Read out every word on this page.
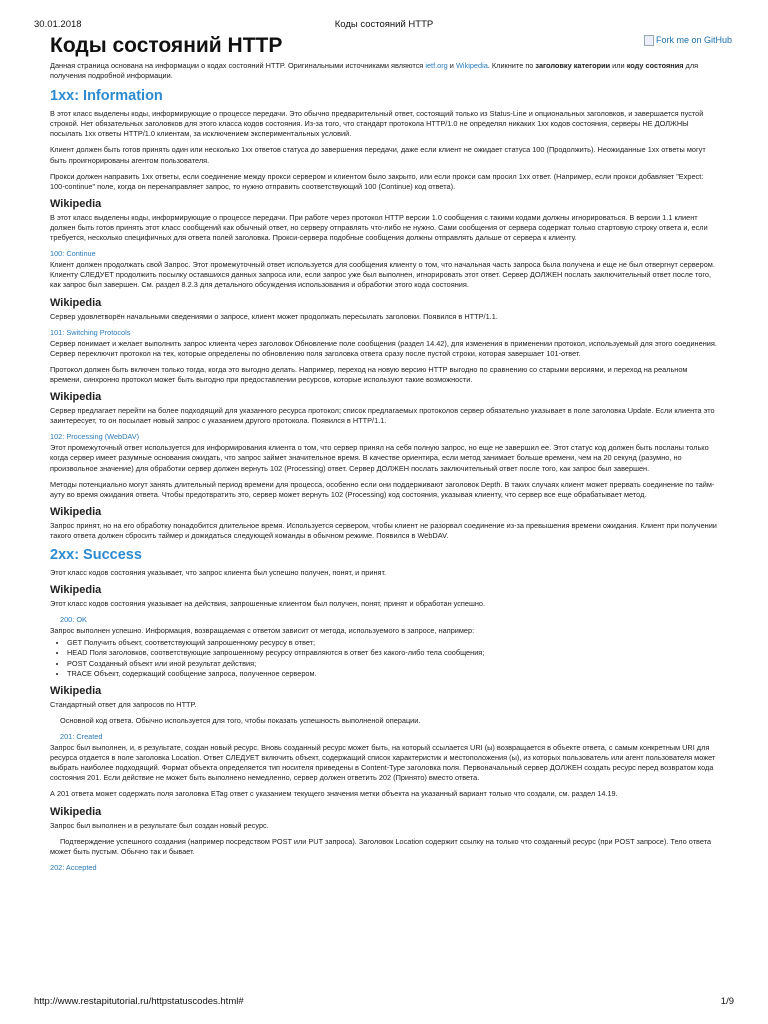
30.01.2018	Коды состояний HTTP
Коды состояний HTTP	Fork me on GitHub

Данная страница основана на информации о кодах состояний HTTP. Оригинальными источниками являются ietf.org и Wikipedia. Кликните по заголовку категории или коду состояния для получения подробной информации.

1xx: Information

В этот класс выделены коды, информирующие о процессе передачи. Это обычно предварительный ответ, состоящий только из Status-Line и опциональных заголовков, и завершается пустой строкой. Нет обязательных заголовков для этого класса кодов состояния. Из-за того, что стандарт протокола HTTP/1.0 не определял никаких 1xx кодов состояния, серверы НЕ ДОЛЖНЫ посылать 1xx ответы HTTP/1.0 клиентам, за исключением экспериментальных условий.

Клиент должен быть готов принять один или несколько 1xx ответов статуса до завершения передачи, даже если клиент не ожидает статуса 100 (Продолжить). Неожиданные 1xx ответы могут быть проигнорированы агентом пользователя.

Прокси должен направить 1xx ответы, если соединение между прокси сервером и клиентом было закрыто, или если прокси сам просил 1xx ответ. (Например, если прокси добавляет "Expect: 100-continue" поле, когда он перенаправляет запрос, то нужно отправить соответствующий 100 (Continue) код ответа).

Wikipedia

В этот класс выделены коды, информирующие о процессе передачи. При работе через протокол HTTP версии 1.0 сообщения с такими кодами должны игнорироваться. В версии 1.1 клиент должен быть готов принять этот класс сообщений как обычный ответ, но серверу отправлять что-либо не нужно. Сами сообщения от сервера содержат только стартовую строку ответа и, если требуется, несколько специфичных для ответа полей заголовка. Прокси-сервера подобные сообщения должны отправлять дальше от сервера к клиенту.

100: Continue

Клиент должен продолжать свой Запрос. Этот промежуточный ответ используется для сообщения клиенту о том, что начальная часть запроса была получена и еще не был отвергнут сервером. Клиенту СЛЕДУЕТ продолжить посылку оставшихся данных запроса или, если запрос уже был выполнен, игнорировать этот ответ. Сервер ДОЛЖЕН послать заключительный ответ после того, как запрос был завершен. См. раздел 8.2.3 для детального обсуждения использования и обработки этого кода состояния.

Wikipedia

Сервер удовлетворён начальными сведениями о запросе, клиент может продолжать пересылать заголовки. Появился в HTTP/1.1.

101: Switching Protocols

Сервер понимает и желает выполнить запрос клиента через заголовок Обновление поле сообщения (раздел 14.42), для изменения в применении протокол, используемый для этого соединения. Сервер переключит протокол на тех, которые определены по обновлению поля заголовка ответа сразу после пустой строки, которая завершает 101-ответ.

Протокол должен быть включен только тогда, когда это выгодно делать. Например, переход на новую версию HTTP выгодно по сравнению со старыми версиями, и переход на реальном времени, синхронно протокол может быть выгодно при предоставлении ресурсов, которые используют такие возможности.

Wikipedia

Сервер предлагает перейти на более подходящий для указанного ресурса протокол; список предлагаемых протоколов сервер обязательно указывает в поле заголовка Update. Если клиента это заинтересует, то он посылает новый запрос с указанием другого протокола. Появился в HTTP/1.1.

102: Processing (WebDAV)

Этот промежуточный ответ используется для информирования клиента о том, что сервер принял на себя полную запрос, но еще не завершил ее. Этот статус код должен быть посланы только когда сервер имеет разумные основания ожидать, что запрос займет значительное время. В качестве ориентира, если метод занимает больше времени, чем на 20 секунд (разумно, но произвольное значение) для обработки сервер должен вернуть 102 (Processing) ответ. Сервер ДОЛЖЕН послать заключительный ответ после того, как запрос был завершен.

Методы потенциально могут занять длительный период времени для процесса, особенно если они поддерживают заголовок Depth. В таких случаях клиент может прервать соединение по тайм-ауту во время ожидания ответа. Чтобы предотвратить это, сервер может вернуть 102 (Processing) код состояния, указывая клиенту, что сервер все еще обрабатывает метод.

Wikipedia

Запрос принят, но на его обработку понадобится длительное время. Используется сервером, чтобы клиент не разорвал соединение из-за превышения времени ожидания. Клиент при получении такого ответа должен сбросить таймер и дожидаться следующей команды в обычном режиме. Появился в WebDAV.

2xx: Success

Этот класс кодов состояния указывает, что запрос клиента был успешно получен, понят, и принят.

Wikipedia

Этот класс кодов состояния указывает на действия, запрошенные клиентом был получен, понят, принят и обработан успешно.

200: OK

Запрос выполнен успешно. Информация, возвращаемая с ответом зависит от метода, используемого в запросе, например:

• GET Получить объект, соответствующий запрошенному ресурсу в ответ;
• HEAD Поля заголовков, соответствующие запрошенному ресурсу отправляются в ответ без какого-либо тела сообщения;
• POST Созданный объект или иной результат действия;
• TRACE Объект, содержащий сообщение запроса, полученное сервером.
Wikipedia

Стандартный ответ для запросов по HTTP.

Основной код ответа. Обычно используется для того, чтобы показать успешность выполненой операции.

201: Created

Запрос был выполнен, и, в результате, создан новый ресурс. Вновь созданный ресурс может быть, на который ссылается URI (ы) возвращается в объекте ответа, с самым конкретным URI для ресурса отдается в поле заголовка Location. Ответ СЛЕДУЕТ включить объект, содержащий список характеристик и местоположения (ы), из которых пользователь или агент пользователя может выбрать наиболее подходящий. Формат объекта определяется тип носителя приведены в Content-Type заголовка поля. Первоначальный сервер ДОЛЖЕН создать ресурс перед возвратом кода состояния 201. Если действие не может быть выполнено немедленно, сервер должен ответить 202 (Принято) вместо ответа.

А 201 ответа может содержать поля заголовка ETag ответ с указанием текущего значения метки объекта на указанный вариант только что создали, см. раздел 14.19.

Wikipedia

Запрос был выполнен и в результате был создан новый ресурс.

Подтверждение успешного создания (например посредством POST или PUT запроса). Заголовок Location содержит ссылку на только что созданный ресурс (при POST запросе). Тело ответа может быть пустым. Обычно так и бывает.

202: Accepted
http://www.restapitutorial.ru/httpstatuscodes.html#	1/9
